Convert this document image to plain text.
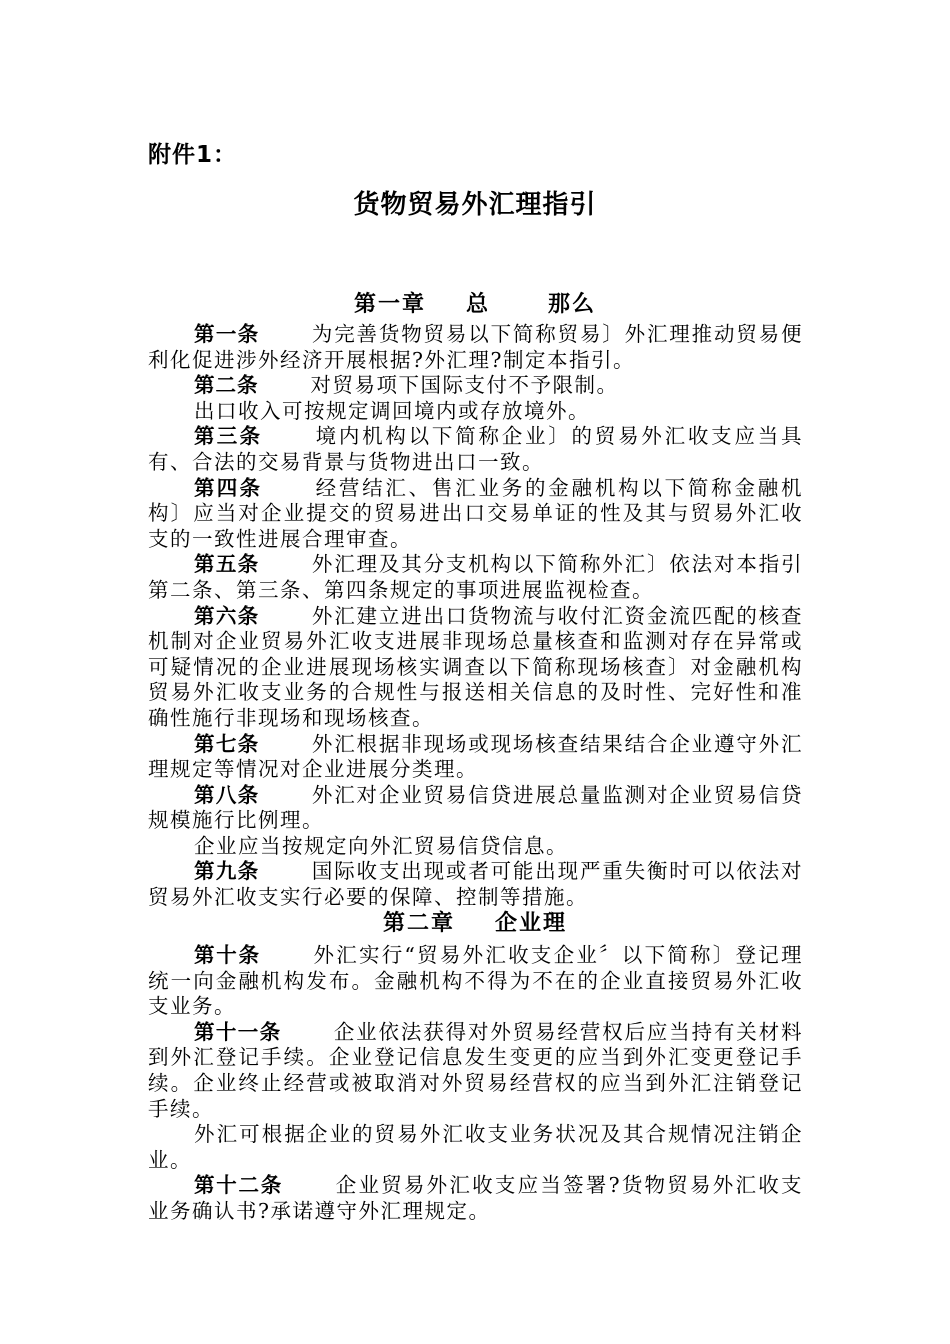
附件1：
货物贸易外汇理指引
第一章 总	那么

第一条	为完善货物贸易以下简称贸易〕外汇理推动贸易便利化促进涉外经济开展根据?外汇理?制定本指引。

第二条	对贸易项下国际支付不予限制。

出口收入可按规定调回境内或存放境外。

第三条	境内机构以下简称企业〕的贸易外汇收支应当具有、合法的交易背景与货物进出口一致。

第四条	经营结汇、售汇业务的金融机构以下简称金融机构〕应当对企业提交的贸易进出口交易单证的性及其与贸易外汇收支的一致性进展合理审查。

第五条	外汇理及其分支机构以下简称外汇〕依法对本指引第二条、第三条、第四条规定的事项进展监视检查。

第六条	外汇建立进出口货物流与收付汇资金流匹配的核查机制对企业贸易外汇收支进展非现场总量核查和监测对存在异常或可疑情况的企业进展现场核实调查以下简称现场核查〕对金融机构贸易外汇收支业务的合规性与报送相关信息的及时性、完好性和准确性施行非现场和现场核查。

第七条	外汇根据非现场或现场核查结果结合企业遵守外汇理规定等情况对企业进展分类理。

第八条	外汇对企业贸易信贷进展总量监测对企业贸易信贷规模施行比例理。

企业应当按规定向外汇贸易信贷信息。

第九条	国际收支出现或者可能出现严重失衡时可以依法对贸易外汇收支实行必要的保障、控制等措施。

第二章 企业理

第十条	外汇实行“贸易外汇收支企业〞以下简称〕登记理统一向金融机构发布。金融机构不得为不在的企业直接贸易外汇收支业务。

第十一条	企业依法获得对外贸易经营权后应当持有关材料到外汇登记手续。企业登记信息发生变更的应当到外汇变更登记手续。企业终止经营或被取消对外贸易经营权的应当到外汇注销登记手续。

外汇可根据企业的贸易外汇收支业务状况及其合规情况注销企业。

第十二条	企业贸易外汇收支应当签署?货物贸易外汇收支业务确认书?承诺遵守外汇理规定。
